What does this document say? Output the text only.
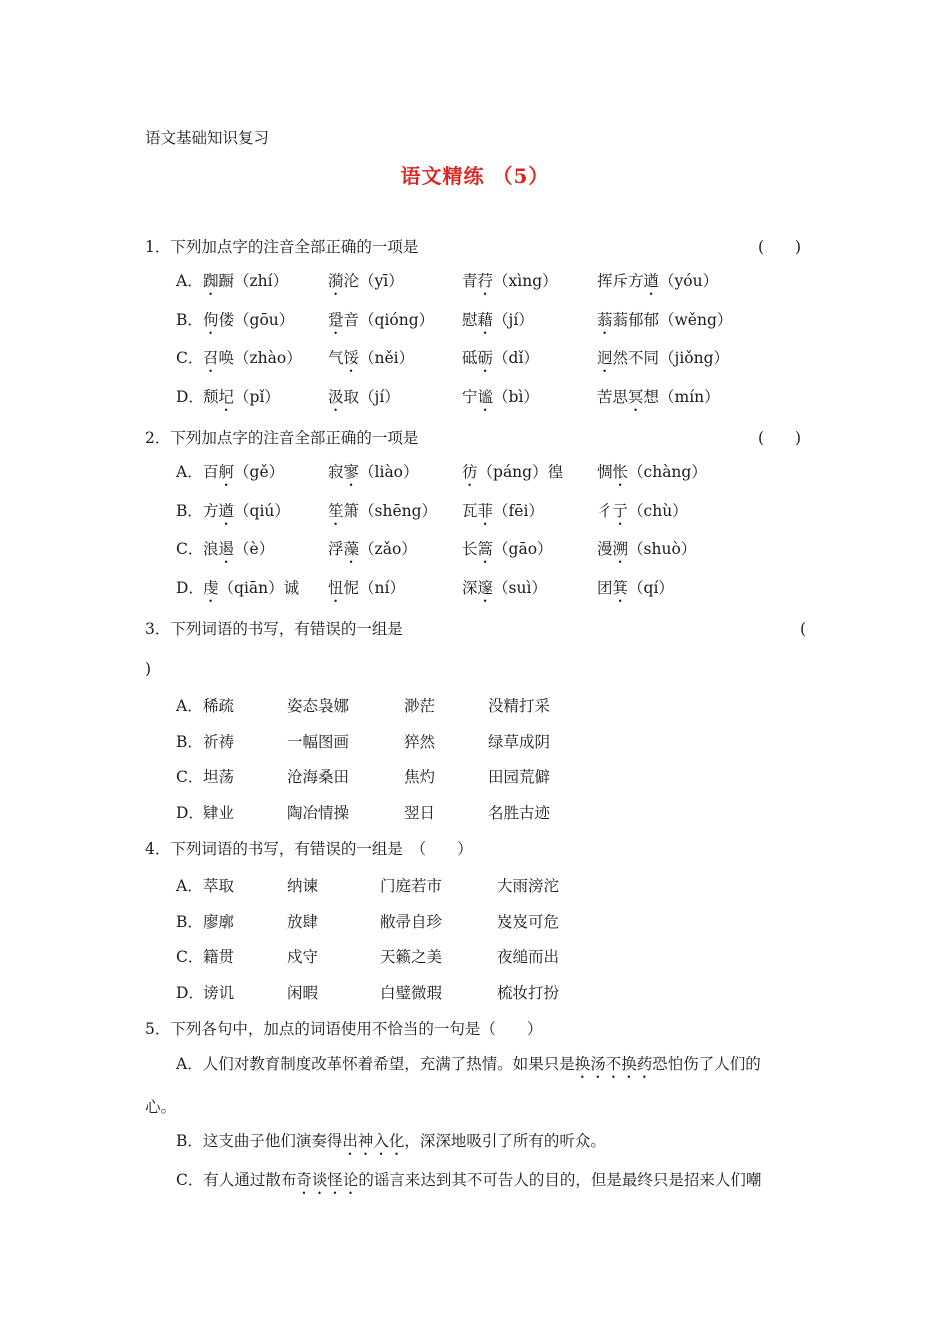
语文基础知识复习
语文精练 （5）
1．下列加点字的注音全部正确的一项是	(　　)
A． 踟蹰（zhí）	漪沦（yī）	青荇（xìng）	挥斥方遒（yóu）
B． 佝偻（gōu） 跫音（qióng） 慰藉（jí）	蓊蓊郁郁（wěng）
C． 召唤（zhào） 气馁（něi）	砥砺（dǐ）	迥然不同（jiǒng）
D． 颓圮（pǐ）	汲取（jí）	宁谧（bì）	苦思冥想（mín）
2．下列加点字的注音全部正确的一项是	(　　)
A． 百舸（gě）	寂寥（liào）	彷（páng）徨 惆怅（chàng）
B． 方遒（qiú） 笙箫（shēng） 瓦菲（fēi）	彳亍（chù）
C． 浪遏（è）	浮藻（zǎo）	长篙（gāo）	漫溯（shuò）
D． 虔（qiān）诚 忸怩（ní）	深邃（suì）	团箕（qí）
3．下列词语的书写，有错误的一组是	(
)
A． 稀疏	姿态袅娜	渺茫	没精打采
B． 祈祷	一幅图画	猝然	绿草成阴
C． 坦荡	沧海桑田	焦灼	田园荒僻
D． 肄业	陶冶情操	翌日	名胜古迹
4．下列词语的书写，有错误的一组是　（　　）
A． 萃取	纳谏	门庭若市	大雨滂沱
B． 廖廓	放肆	敝帚自珍	岌岌可危
C． 籍贯	戍守	天籁之美	夜缒而出
D． 谤讥	闲暇	白璧微瑕	梳妆打扮
5．下列各句中，加点的词语使用不恰当的一句是（　　）
A．人们对教育制度改革怀着希望，充满了热情。如果只是换汤不换药恐怕伤了人们的
心。
B．这支曲子他们演奏得出神入化，深深地吸引了所有的听众。
C．有人通过散布奇谈怪论的谣言来达到其不可告人的目的，但是最终只是招来人们嘲
